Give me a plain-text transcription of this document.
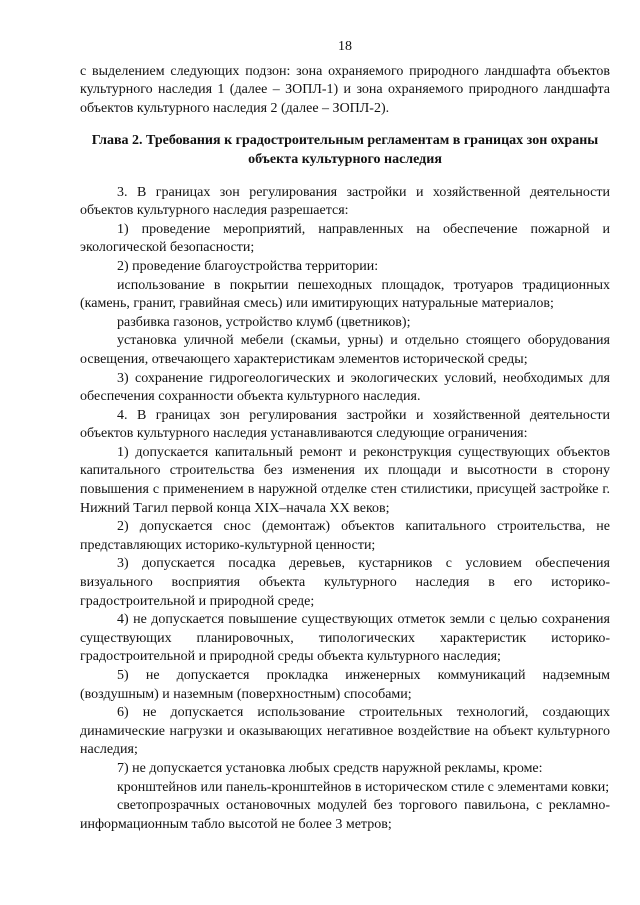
18

с выделением следующих подзон: зона охраняемого природного ландшафта объектов культурного наследия 1 (далее – ЗОПЛ-1) и зона охраняемого природного ландшафта объектов культурного наследия 2 (далее – ЗОПЛ-2).

Глава 2. Требования к градостроительным регламентам в границах зон охраны объекта культурного наследия

3. В границах зон регулирования застройки и хозяйственной деятельности объектов культурного наследия разрешается:

1) проведение мероприятий, направленных на обеспечение пожарной и экологической безопасности;

2) проведение благоустройства территории:

использование в покрытии пешеходных площадок, тротуаров традиционных (камень, гранит, гравийная смесь) или имитирующих натуральные материалов;

разбивка газонов, устройство клумб (цветников);

установка уличной мебели (скамьи, урны) и отдельно стоящего оборудования освещения, отвечающего характеристикам элементов исторической среды;

3) сохранение гидрогеологических и экологических условий, необходимых для обеспечения сохранности объекта культурного наследия.

4. В границах зон регулирования застройки и хозяйственной деятельности объектов культурного наследия устанавливаются следующие ограничения:

1) допускается капитальный ремонт и реконструкция существующих объектов капитального строительства без изменения их площади и высотности в сторону повышения с применением в наружной отделке стен стилистики, присущей застройке г. Нижний Тагил первой конца XIX–начала XX веков;

2) допускается снос (демонтаж) объектов капитального строительства, не представляющих историко-культурной ценности;

3) допускается посадка деревьев, кустарников с условием обеспечения визуального восприятия объекта культурного наследия в его историко-градостроительной и природной среде;

4) не допускается повышение существующих отметок земли с целью сохранения существующих планировочных, типологических характеристик историко-градостроительной и природной среды объекта культурного наследия;

5) не допускается прокладка инженерных коммуникаций надземным (воздушным) и наземным (поверхностным) способами;

6) не допускается использование строительных технологий, создающих динамические нагрузки и оказывающих негативное воздействие на объект культурного наследия;

7) не допускается установка любых средств наружной рекламы, кроме:

кронштейнов или панель-кронштейнов в историческом стиле с элементами ковки;

светопрозрачных остановочных модулей без торгового павильона, с рекламно-информационным табло высотой не более 3 метров;
